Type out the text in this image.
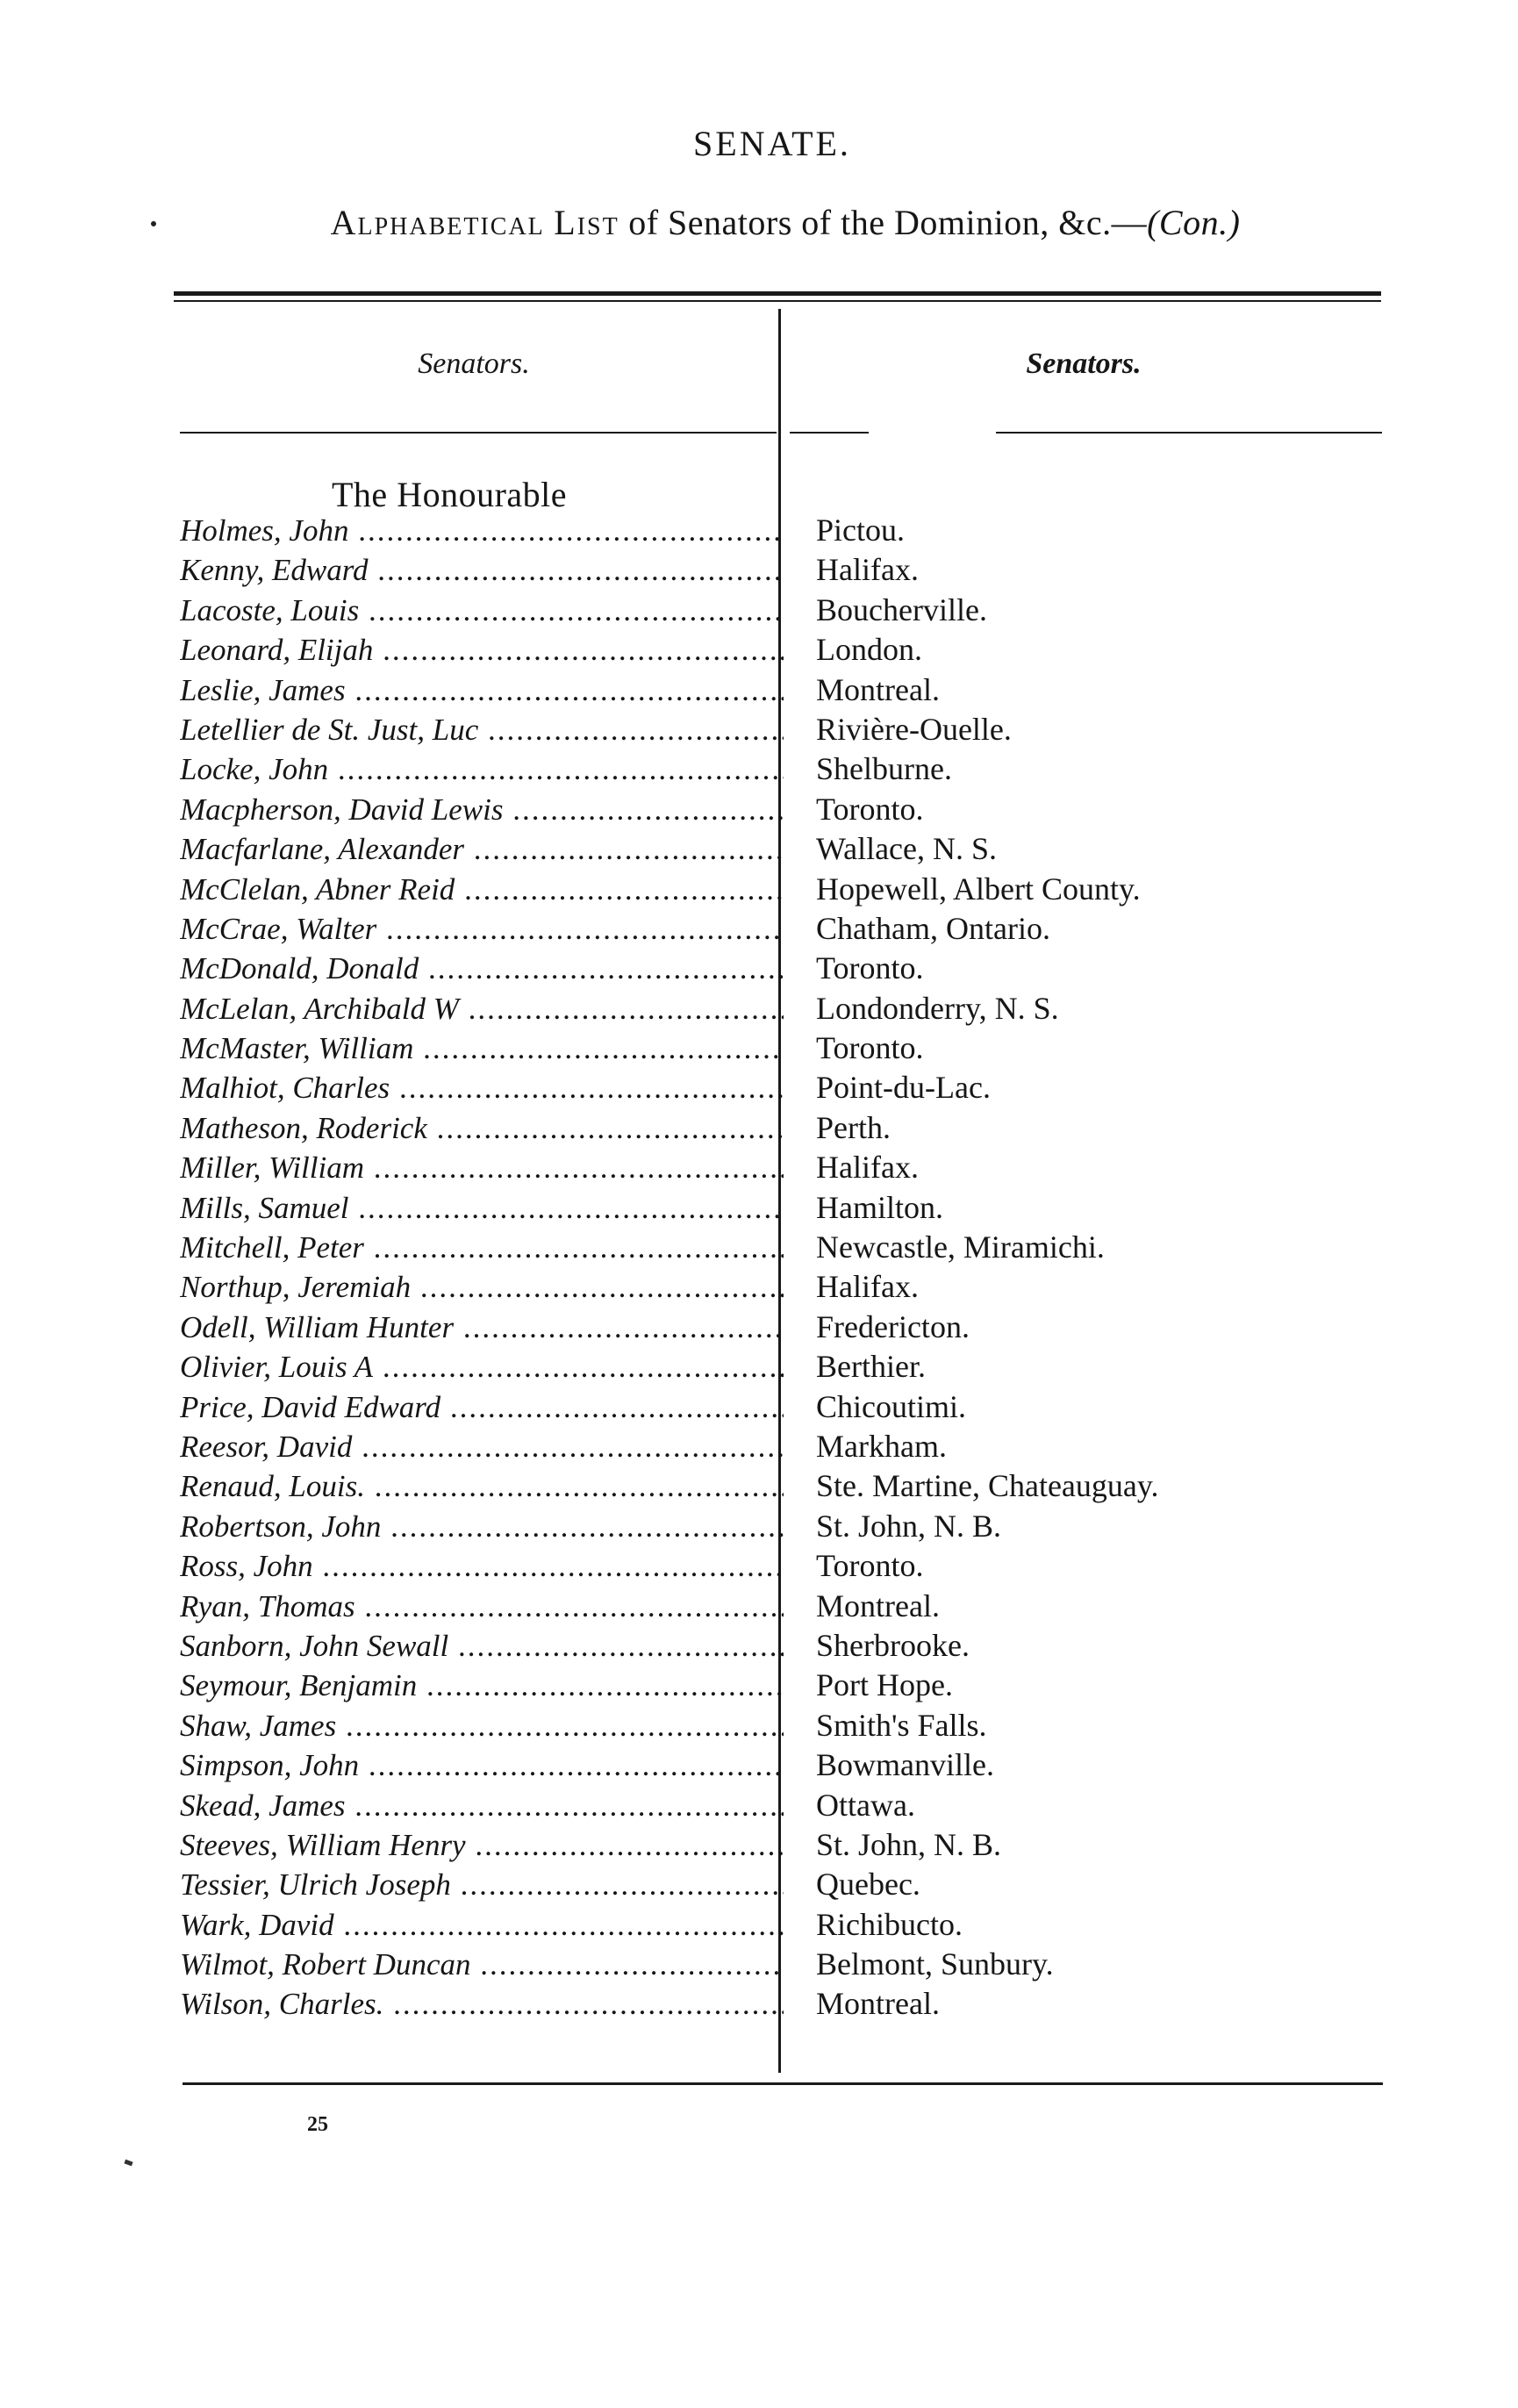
SENATE.
Alphabetical List of Senators of the Dominion, &c.—(Con.)
Senators.	Senators.
The Honourable
Holmes, John .....	Pictou.
Kenny, Edward .....	Halifax.
Lacoste, Louis .....	Boucherville.
Leonard, Elijah .....	London.
Leslie, James .....	Montreal.
Letellier de St. Just, Luc .....	Rivière-Ouelle.
Locke, John .....	Shelburne.
Macpherson, David Lewis .....	Toronto.
Macfarlane, Alexander .....	Wallace, N. S.
McClelan, Abner Reid .....	Hopewell, Albert County.
McCrae, Walter .....	Chatham, Ontario.
McDonald, Donald .....	Toronto.
McLelan, Archibald W .....	Londonderry, N. S.
McMaster, William .....	Toronto.
Malhiot, Charles .....	Point-du-Lac.
Matheson, Roderick .....	Perth.
Miller, William .....	Halifax.
Mills, Samuel .....	Hamilton.
Mitchell, Peter .....	Newcastle, Miramichi.
Northup, Jeremiah .....	Halifax.
Odell, William Hunter .....	Fredericton.
Olivier, Louis A .....	Berthier.
Price, David Edward .....	Chicoutimi.
Reesor, David .....	Markham.
Renaud, Louis. .....	Ste. Martine, Chateauguay.
Robertson, John .....	St. John, N. B.
Ross, John .....	Toronto.
Ryan, Thomas .....	Montreal.
Sanborn, John Sewall .....	Sherbrooke.
Seymour, Benjamin .....	Port Hope.
Shaw, James .....	Smith's Falls.
Simpson, John .....	Bowmanville.
Skead, James .....	Ottawa.
Steeves, William Henry .....	St. John, N. B.
Tessier, Ulrich Joseph .....	Quebec.
Wark, David .....	Richibucto.
Wilmot, Robert Duncan .....	Belmont, Sunbury.
Wilson, Charles. .....	Montreal.
25
